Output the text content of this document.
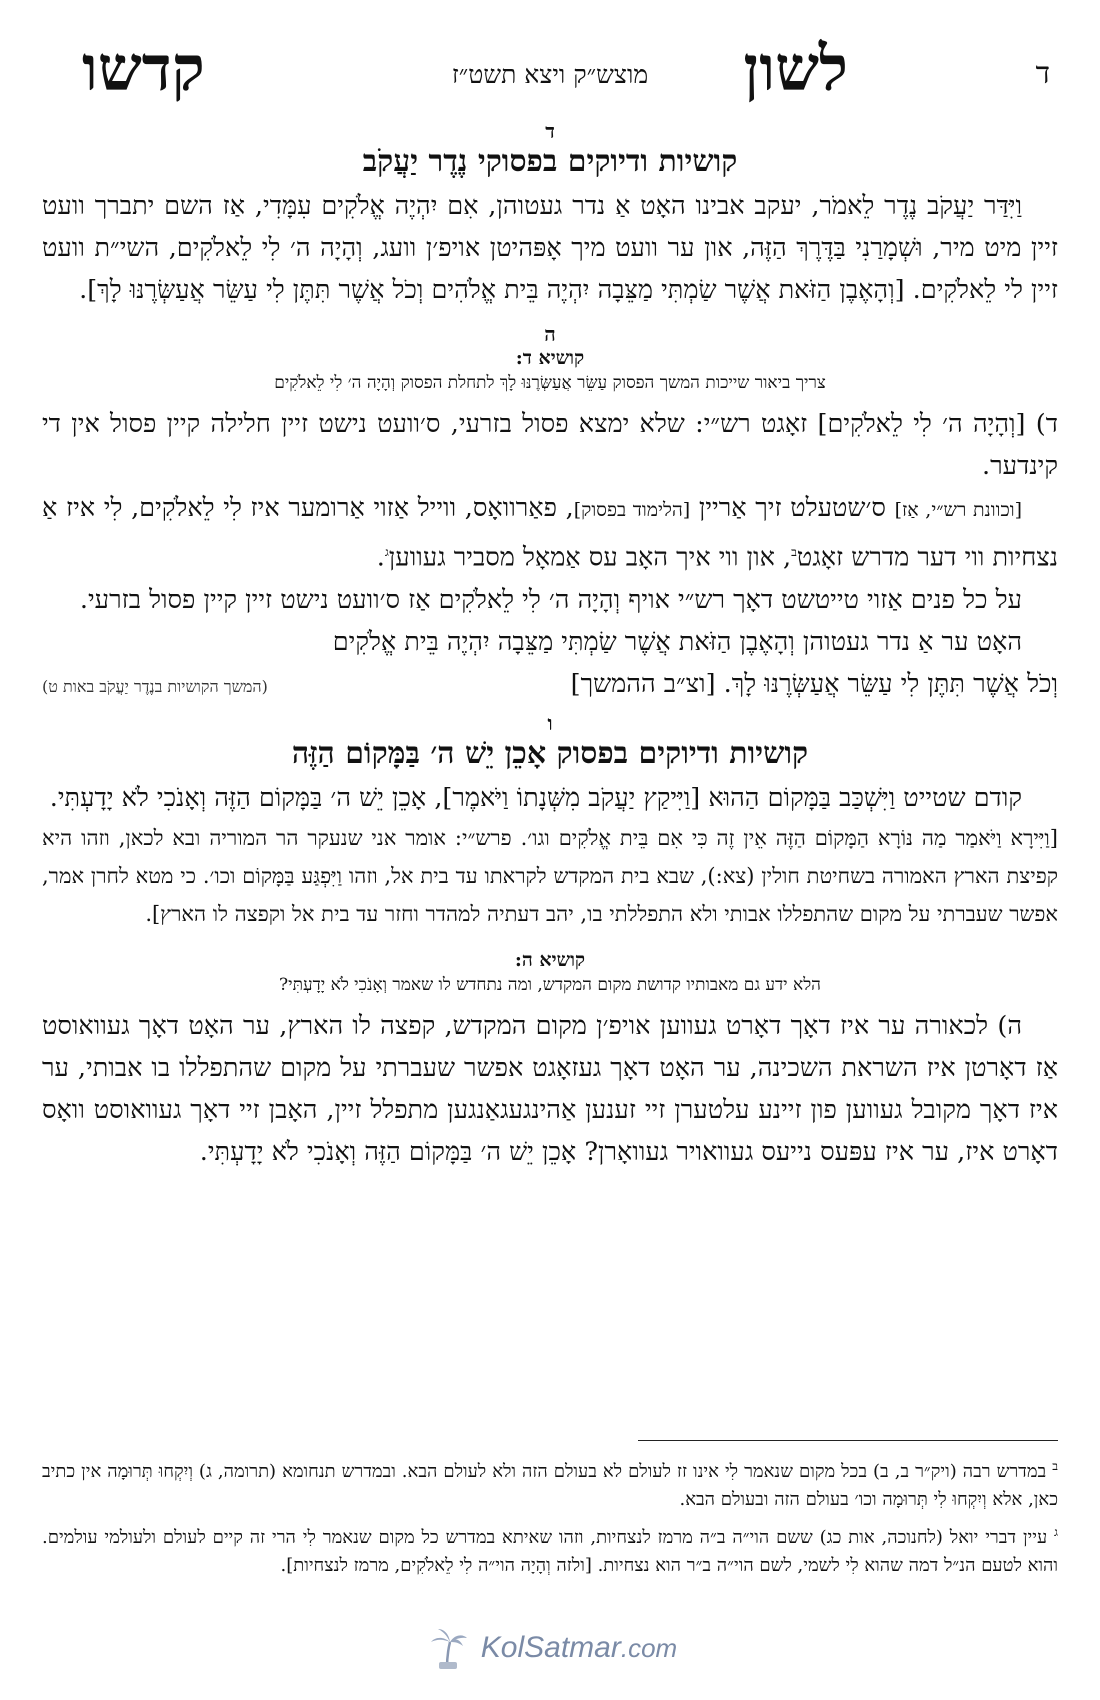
ד
לשון
מוצש״ק ויצא תשט״ז
קדשו
ד
קושיות ודיוקים בפסוקי נֶדֶר יַעֲקֹב

וַיִּדַּר יַעֲקֹב נֶדֶר לֵאמֹר, יעקב אבינו האָט אַ נדר געטוהן, אִם יִהְיֶה אֱלֹקִים עִמָּדִי, אַז השם יתברך וועט זיין מיט מיר, וּשְׁמָרַנִי בַּדֶּרֶךְ הַזֶּה, און ער וועט מיך אָפּהיטן אויפ׳ן וועג, וְהָיָה ה׳ לִי לֵאלֹקִים, השי״ת וועט זיין לי לֵאלֹקִים. [וְהָאֶבֶן הַזֹּאת אֲשֶׁר שַׂמְתִּי מַצֵּבָה יִהְיֶה בֵּית אֱלֹהִים וְכֹל אֲשֶׁר תִּתֶּן לִי עַשֵּׂר אֲעַשְּׂרֶנּוּ לָךְ].

ה

קושיא ד:

צריך ביאור שייכות המשך הפסוק עַשֵּׂר אֲעַשְּׂרֶנּוּ לָךְ לתחלת הפסוק וְהָיָה ה׳ לִי לֵאלֹקִים

ד) [וְהָיָה ה׳ לִי לֵאלֹקִים] זאָגט רש״י: שלא ימצא פסול בזרעי, ס׳וועט נישט זיין חלילה קיין פסול אין די קינדער.

[וכוונת רש״י, אַז] ס׳שטעלט זיך אַריין [הלימוד בפסוק], פאַרוואָס, ווייל אַזוי אַרומער איז לִי לֵאלֹקִים, לִי איז אַ נצחיות ווי דער מדרש זאָגט$^ב$, און ווי איך האָב עס אַמאָל מסביר געווען$^ג$.

על כל פנים אַזוי טייטשט דאָך רש״י אויף וְהָיָה ה׳ לִי לֵאלֹקִים אַז ס׳וועט נישט זיין קיין פסול בזרעי.

האָט ער אַ נדר געטוהן וְהָאֶבֶן הַזֹּאת אֲשֶׁר שַׂמְתִּי מַצֵּבָה יִהְיֶה בֵּית אֱלֹקִים

וְכֹל אֲשֶׁר תִּתֶּן לִי עַשֵּׂר אֲעַשְּׂרֶנּוּ לָךְ. [וצ״ב ההמשך]
(המשך הקושיות בנֶדֶר יַעֲקֹב באות ט)
ו
קושיות ודיוקים בפסוק אָכֵן יֵשׁ ה׳ בַּמָּקוֹם הַזֶּה

קודם שטייט וַיִּשְׁכַּב בַּמָּקוֹם הַהוּא [וַיִּיקַץ יַעֲקֹב מִשְּׁנָתוֹ וַיֹּאמֶר], אָכֵן יֵשׁ ה׳ בַּמָּקוֹם הַזֶּה וְאָנֹכִי לֹא יָדָעְתִּי.

[וַיִּירָא וַיֹּאמַר מַה נּוֹרָא הַמָּקוֹם הַזֶּה אֵין זֶה כִּי אִם בֵּית אֱלֹקִים וגו׳. פרש״י: אומר אני שנעקר הר המוריה ובא לכאן, וזהו היא קפיצת הארץ האמורה בשחיטת חולין (צא:), שבא בית המקדש לקראתו עד בית אל, וזהו וַיִּפְגַּע בַּמָּקוֹם וכו׳. כי מטא לחרן אמר, אפשר שעברתי על מקום שהתפללו אבותי ולא התפללתי בו, יהב דעתיה למהדר וחזר עד בית אל וקפצה לו הארץ].

קושיא ה:

הלא ידע גם מאבותיו קדושת מקום המקדש, ומה נתחדש לו שאמר וְאָנֹכִי לֹא יָדָעְתִּי?

ה) לכאורה ער איז דאָך דאָרט געווען אויפ׳ן מקום המקדש, קפצה לו הארץ, ער האָט דאָך געוואוסט אַז דאָרטן איז השראת השכינה, ער האָט דאָך געזאָגט אפשר שעברתי על מקום שהתפללו בו אבותי, ער איז דאָך מקובל געווען פון זיינע עלטערן זיי זענען אַהינגעגאַנגען מתפלל זיין, האָבן זיי דאָך געוואוסט וואָס דאָרט איז, ער איז עפּעס נייעס געוואויר געוואָרן? אָכֵן יֵשׁ ה׳ בַּמָּקוֹם הַזֶּה וְאָנֹכִי לֹא יָדָעְתִּי.

$^ב$ במדרש רבה (ויק״ר ב, ב) בכל מקום שנאמר לִי אינו זז לעולם לא בעולם הזה ולא לעולם הבא. ובמדרש תנחומא (תרומה, ג) וְיִקְחוּ תְּרוּמָה אין כתיב כאן, אלא וְיִקְחוּ לִי תְּרוּמָה וכו׳ בעולם הזה ובעולם הבא.

$^ג$ עיין דברי יואל (לחנוכה, אות כג) ששם הוי״ה ב״ה מרמז לנצחיות, וזהו שאיתא במדרש כל מקום שנאמר לִי הרי זה קיים לעולם ולעולמי עולמים. והוא לטעם הנ״ל דמה שהוא לִי לשמי, לשם הוי״ה ב״ר הוא נצחיות. [ולזה וְהָיָה הוי״ה לִי לֵאלֹקִים, מרמז לנצחיות].

KolSatmar.com
